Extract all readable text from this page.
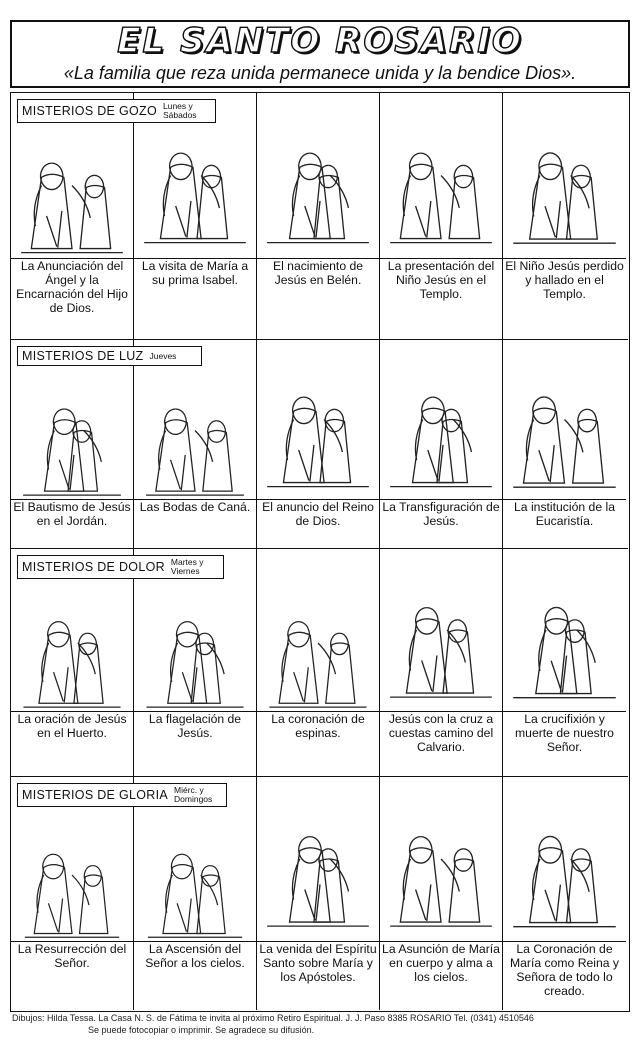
EL SANTO ROSARIO
«La familia que reza unida permanece unida y la bendice Dios».
MISTERIOS DE GOZO Lunes y Sábados
La Anunciación del Ángel y la Encarnación del Hijo de Dios.
La visita de María a su prima Isabel.
El nacimiento de Jesús en Belén.
La presentación del Niño Jesús en el Templo.
El Niño Jesús perdido y hallado en el Templo.
MISTERIOS DE LUZ Jueves
El Bautismo de Jesús en el Jordán.
Las Bodas de Caná. El anuncio del Reino de Dios.
La Transfiguración de Jesús.
La institución de la Eucaristía.
MISTERIOS DE DOLOR Martes y Viernes
La oración de Jesús en el Huerto.
La flagelación de Jesús.
La coronación de espinas.
Jesús con la cruz a cuestas camino del Calvario.
La crucifixión y muerte de nuestro Señor.
MISTERIOS DE GLORIA Miérc. y Domingos
La Resurrección del Señor.
La Ascensión del Señor a los cielos.
La venida del Espíritu Santo sobre María y los Apóstoles.
La Asunción de María en cuerpo y alma a los cielos.
La Coronación de María como Reina y Señora de todo lo creado.
Dibujos: Hilda Tessa. La Casa N. S. de Fátima te invita al próximo Retiro Espiritual. J. J. Paso 8385 ROSARIO Tel. (0341) 4510546
Se puede fotocopiar o imprimir. Se agradece su difusión.
